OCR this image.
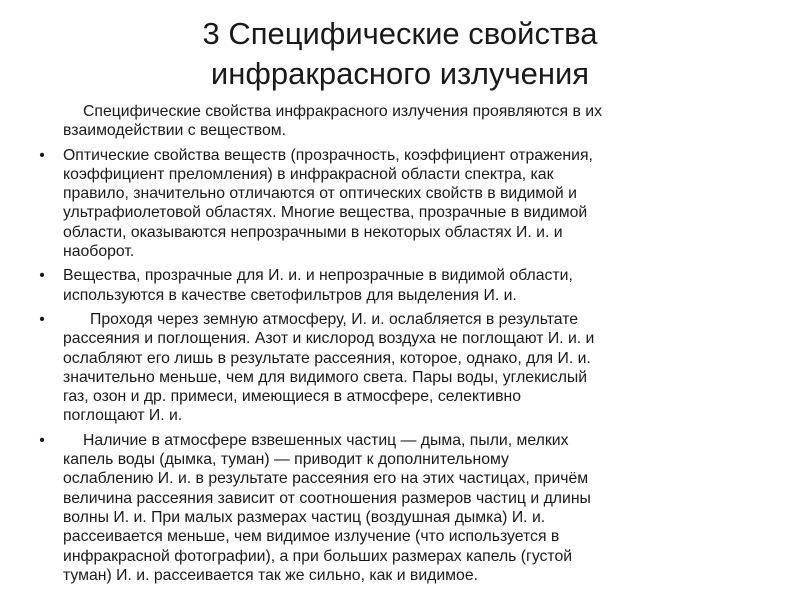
3 Специфические свойства
инфракрасного излучения
Специфические свойства инфракрасного излучения проявляются в их
взаимодействии с веществом.
• Оптические свойства веществ (прозрачность, коэффициент отражения,
коэффициент преломления) в инфракрасной области спектра, как
правило, значительно отличаются от оптических свойств в видимой и
ультрафиолетовой областях. Многие вещества, прозрачные в видимой
области, оказываются непрозрачными в некоторых областях И. и. и
наоборот.
• Вещества, прозрачные для И. и. и непрозрачные в видимой области,
используются в качестве светофильтров для выделения И. и.
•	Проходя через земную атмосферу, И. и. ослабляется в результате
рассеяния и поглощения. Азот и кислород воздуха не поглощают И. и. и
ослабляют его лишь в результате рассеяния, которое, однако, для И. и.
значительно меньше, чем для видимого света. Пары воды, углекислый
газ, озон и др. примеси, имеющиеся в атмосфере, селективно
поглощают И. и.
•	Наличие в атмосфере взвешенных частиц — дыма, пыли, мелких
капель воды (дымка, туман) — приводит к дополнительному
ослаблению И. и. в результате рассеяния его на этих частицах, причём
величина рассеяния зависит от соотношения размеров частиц и длины
волны И. и. При малых размерах частиц (воздушная дымка) И. и.
рассеивается меньше, чем видимое излучение (что используется в
инфракрасной фотографии), а при больших размерах капель (густой
туман) И. и. рассеивается так же сильно, как и видимое.
